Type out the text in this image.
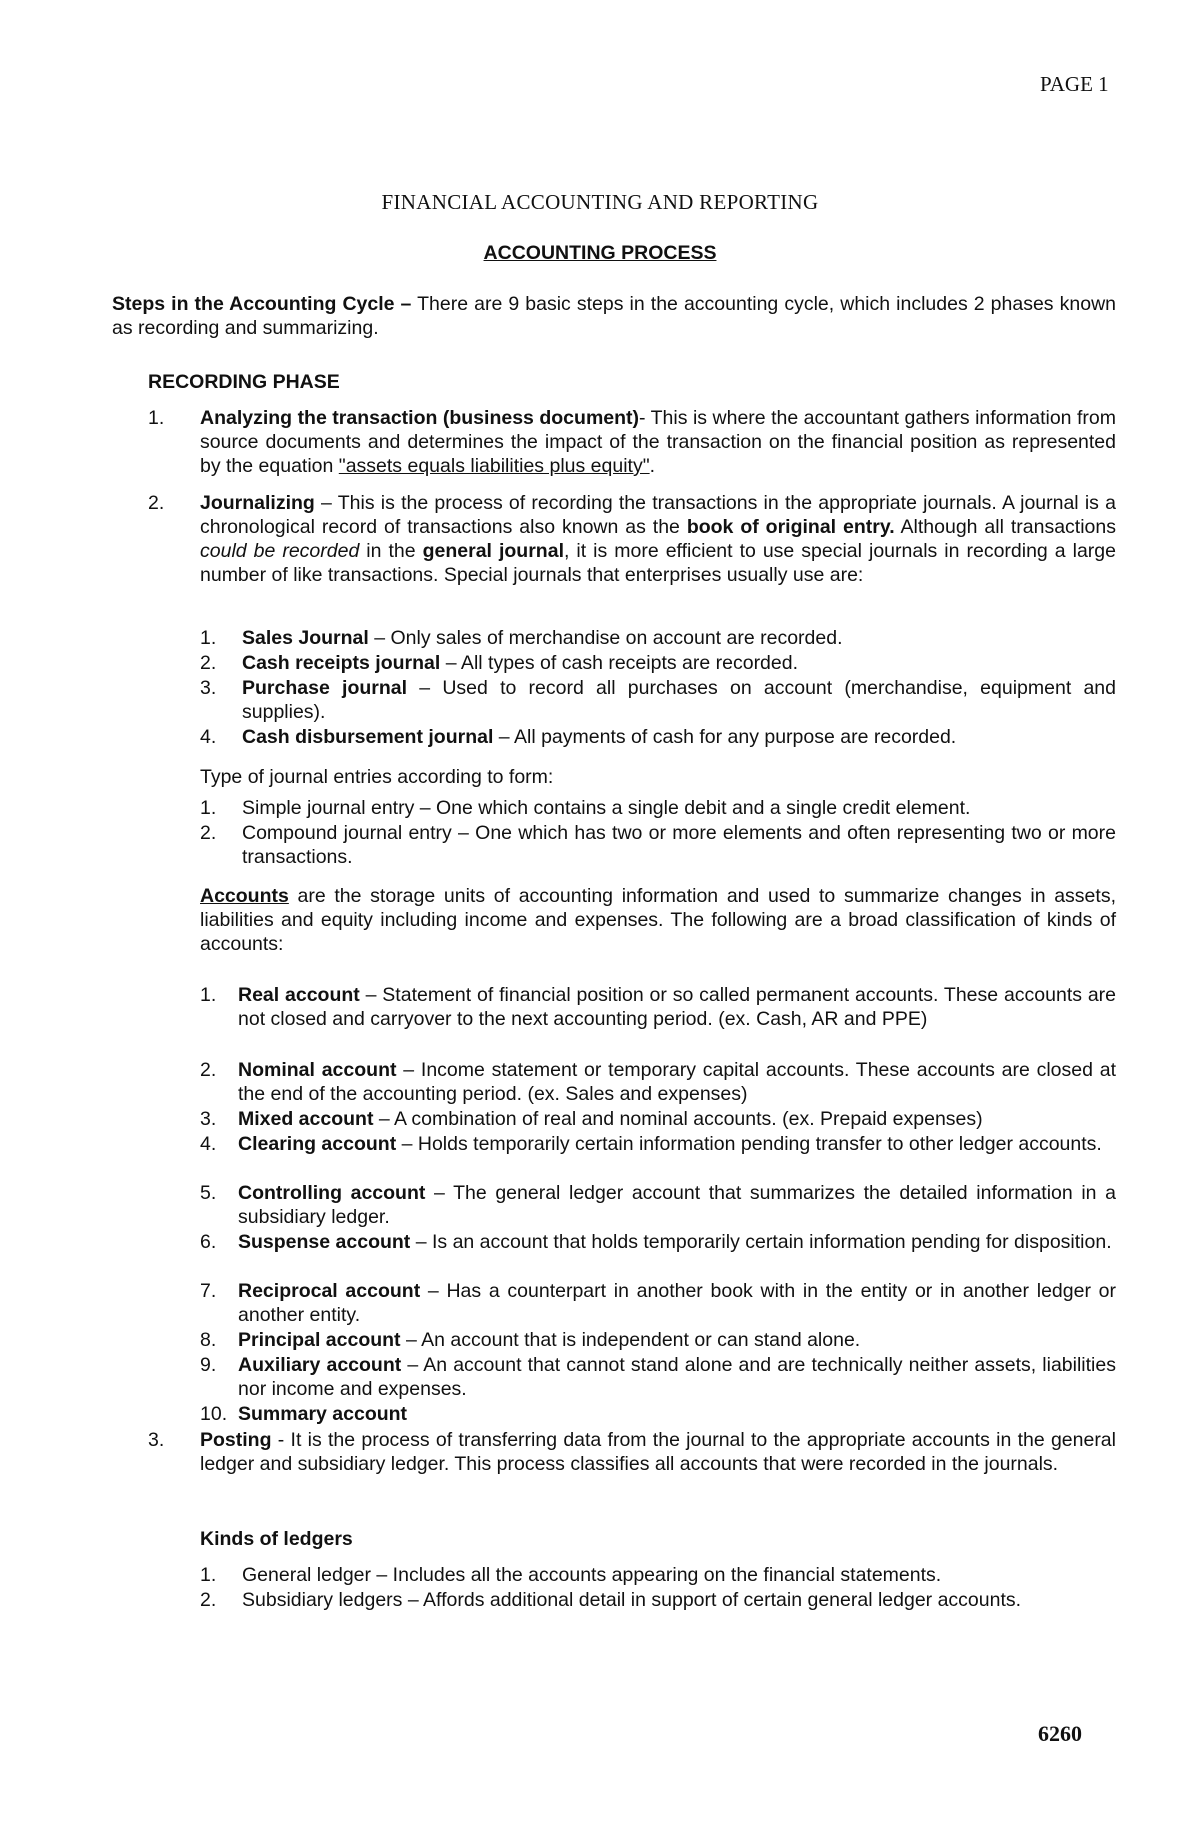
PAGE 1
FINANCIAL ACCOUNTING AND REPORTING
ACCOUNTING PROCESS
Steps in the Accounting Cycle – There are 9 basic steps in the accounting cycle, which includes 2 phases known as recording and summarizing.
RECORDING PHASE
1. Analyzing the transaction (business document)- This is where the accountant gathers information from source documents and determines the impact of the transaction on the financial position as represented by the equation "assets equals liabilities plus equity".
2. Journalizing – This is the process of recording the transactions in the appropriate journals. A journal is a chronological record of transactions also known as the book of original entry. Although all transactions could be recorded in the general journal, it is more efficient to use special journals in recording a large number of like transactions. Special journals that enterprises usually use are:
1. Sales Journal – Only sales of merchandise on account are recorded.
2. Cash receipts journal – All types of cash receipts are recorded.
3. Purchase journal – Used to record all purchases on account (merchandise, equipment and supplies).
4. Cash disbursement journal – All payments of cash for any purpose are recorded.
Type of journal entries according to form:
1. Simple journal entry – One which contains a single debit and a single credit element.
2. Compound journal entry – One which has two or more elements and often representing two or more transactions.
Accounts are the storage units of accounting information and used to summarize changes in assets, liabilities and equity including income and expenses. The following are a broad classification of kinds of accounts:
1. Real account – Statement of financial position or so called permanent accounts. These accounts are not closed and carryover to the next accounting period. (ex. Cash, AR and PPE)
2. Nominal account – Income statement or temporary capital accounts. These accounts are closed at the end of the accounting period. (ex. Sales and expenses)
3. Mixed account – A combination of real and nominal accounts. (ex. Prepaid expenses)
4. Clearing account – Holds temporarily certain information pending transfer to other ledger accounts.
5. Controlling account – The general ledger account that summarizes the detailed information in a subsidiary ledger.
6. Suspense account – Is an account that holds temporarily certain information pending for disposition.
7. Reciprocal account – Has a counterpart in another book with in the entity or in another ledger or another entity.
8. Principal account – An account that is independent or can stand alone.
9. Auxiliary account – An account that cannot stand alone and are technically neither assets, liabilities nor income and expenses.
10. Summary account
3. Posting - It is the process of transferring data from the journal to the appropriate accounts in the general ledger and subsidiary ledger. This process classifies all accounts that were recorded in the journals.
Kinds of ledgers
1. General ledger – Includes all the accounts appearing on the financial statements.
2. Subsidiary ledgers – Affords additional detail in support of certain general ledger accounts.
6260
